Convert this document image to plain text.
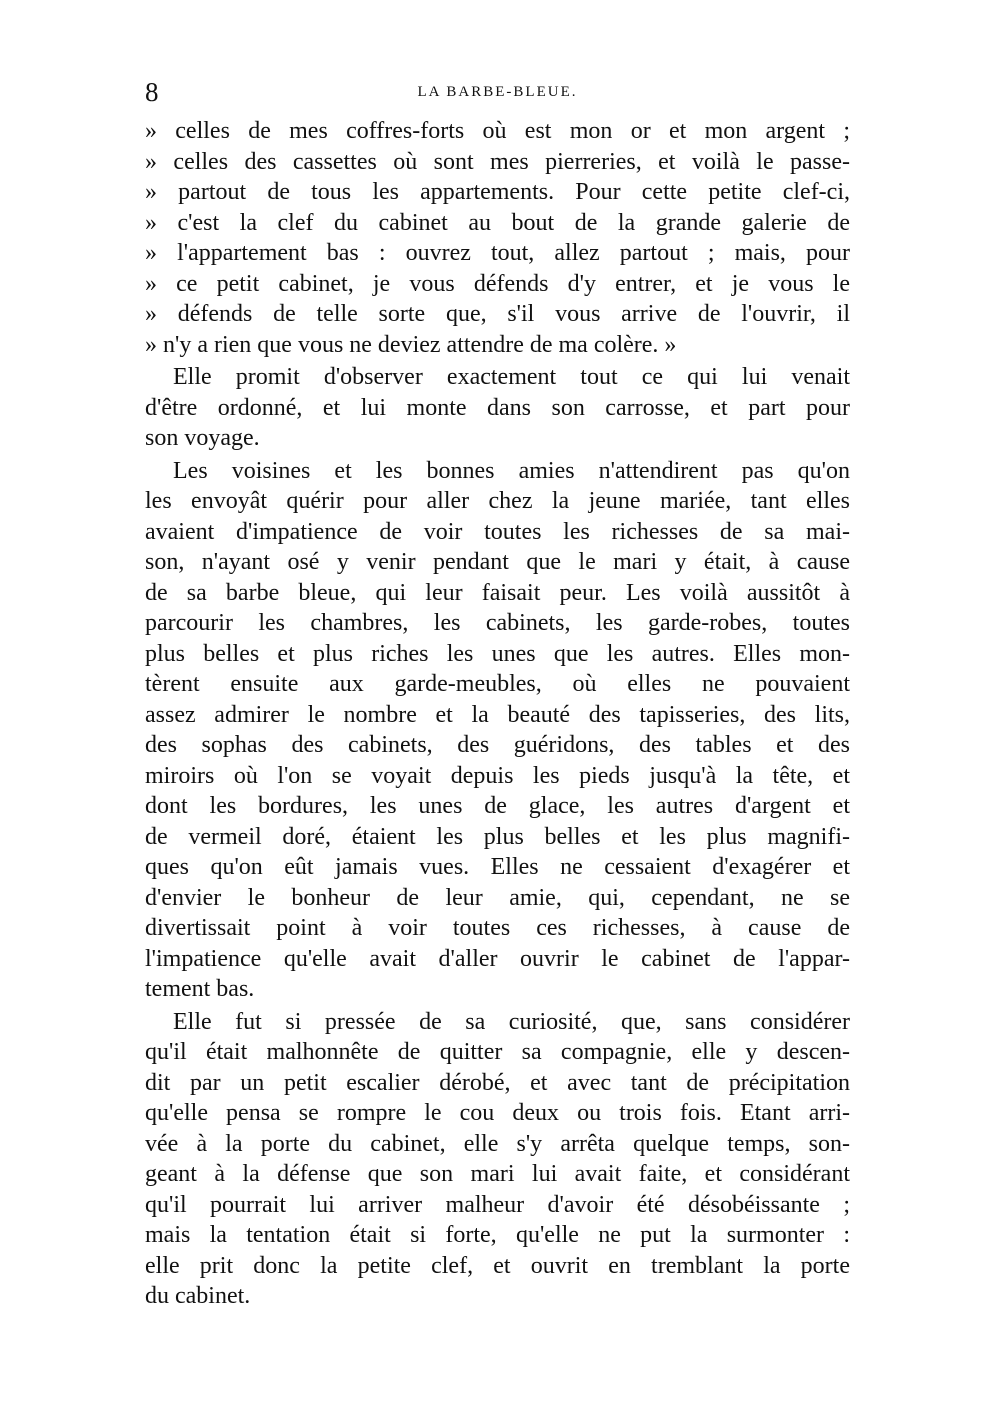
8	LA BARBE-BLEUE.
» celles de mes coffres-forts où est mon or et mon argent ;
» celles des cassettes où sont mes pierreries, et voilà le passe-
» partout de tous les appartements. Pour cette petite clef-ci,
» c'est la clef du cabinet au bout de la grande galerie de
» l'appartement bas : ouvrez tout, allez partout ; mais, pour
» ce petit cabinet, je vous défends d'y entrer, et je vous le
» défends de telle sorte que, s'il vous arrive de l'ouvrir, il
» n'y a rien que vous ne deviez attendre de ma colère. »
Elle promit d'observer exactement tout ce qui lui venait
d'être ordonné, et lui monte dans son carrosse, et part pour
son voyage.
Les voisines et les bonnes amies n'attendirent pas qu'on
les envoyât quérir pour aller chez la jeune mariée, tant elles
avaient d'impatience de voir toutes les richesses de sa mai-
son, n'ayant osé y venir pendant que le mari y était, à cause
de sa barbe bleue, qui leur faisait peur. Les voilà aussitôt à
parcourir les chambres, les cabinets, les garde-robes, toutes
plus belles et plus riches les unes que les autres. Elles mon-
tèrent ensuite aux garde-meubles, où elles ne pouvaient
assez admirer le nombre et la beauté des tapisseries, des lits,
des sophas des cabinets, des guéridons, des tables et des
miroirs où l'on se voyait depuis les pieds jusqu'à la tête, et
dont les bordures, les unes de glace, les autres d'argent et
de vermeil doré, étaient les plus belles et les plus magnifi-
ques qu'on eût jamais vues. Elles ne cessaient d'exagérer et
d'envier le bonheur de leur amie, qui, cependant, ne se
divertissait point à voir toutes ces richesses, à cause de
l'impatience qu'elle avait d'aller ouvrir le cabinet de l'appar-
tement bas.
Elle fut si pressée de sa curiosité, que, sans considérer
qu'il était malhonnête de quitter sa compagnie, elle y descen-
dit par un petit escalier dérobé, et avec tant de précipitation
qu'elle pensa se rompre le cou deux ou trois fois. Etant arri-
vée à la porte du cabinet, elle s'y arrêta quelque temps, son-
geant à la défense que son mari lui avait faite, et considérant
qu'il pourrait lui arriver malheur d'avoir été désobéissante ;
mais la tentation était si forte, qu'elle ne put la surmonter :
elle prit donc la petite clef, et ouvrit en tremblant la porte
du cabinet.
